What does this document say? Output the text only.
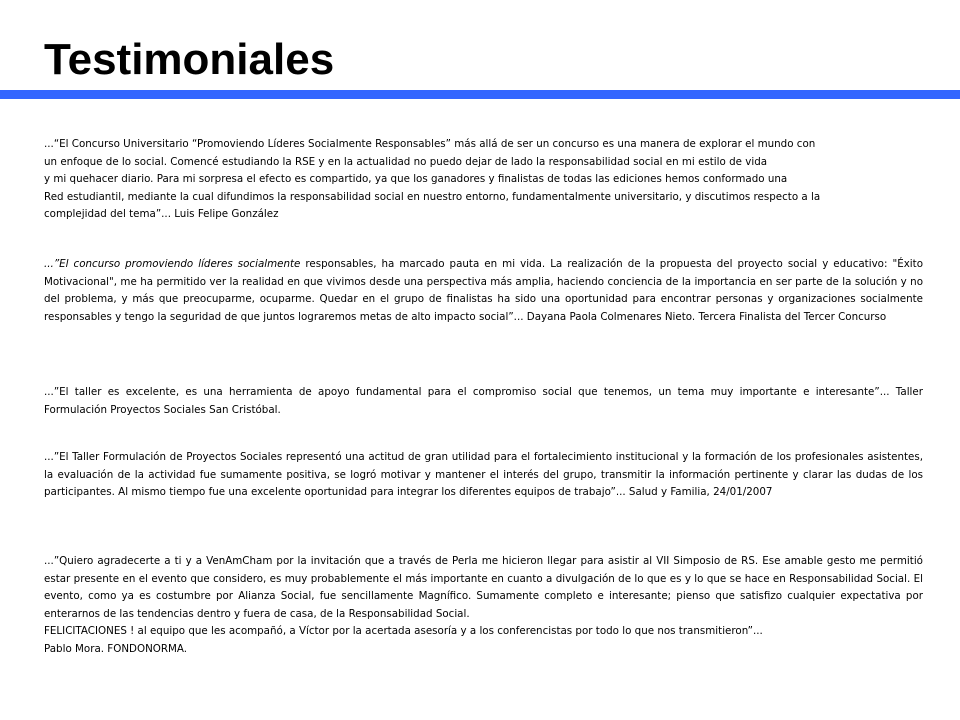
Testimoniales
...“El Concurso Universitario “Promoviendo Líderes Socialmente Responsables” más allá de ser un concurso es una manera de explorar el mundo con
un enfoque de lo social. Comencé estudiando la RSE y en la actualidad no puedo dejar de lado la responsabilidad social en mi estilo de vida
y mi quehacer diario. Para mi sorpresa el efecto es compartido, ya que los ganadores y finalistas de todas las ediciones hemos conformado una
Red estudiantil, mediante la cual difundimos la responsabilidad social en nuestro entorno, fundamentalmente universitario, y discutimos respecto a la
complejidad del tema”... Luis Felipe González

...”El concurso promoviendo líderes socialmente responsables, ha marcado pauta en mi vida. La realización de la propuesta del proyecto social y educativo: "Éxito Motivacional", me ha permitido ver la realidad en que vivimos desde una perspectiva más amplia, haciendo conciencia de la importancia en ser parte de la solución y no del problema, y más que preocuparme, ocuparme. Quedar en el grupo de finalistas ha sido una oportunidad para encontrar personas y organizaciones socialmente responsables y tengo la seguridad de que juntos lograremos metas de alto impacto social”... Dayana Paola Colmenares Nieto. Tercera Finalista del Tercer Concurso

...”El taller es excelente, es una herramienta de apoyo fundamental para el compromiso social que tenemos, un tema muy importante e interesante”... Taller Formulación Proyectos Sociales San Cristóbal.

...”El Taller Formulación de Proyectos Sociales representó una actitud de gran utilidad para el fortalecimiento institucional y la formación de los profesionales asistentes, la evaluación de la actividad fue sumamente positiva, se logró motivar y mantener el interés del grupo, transmitir la información pertinente y clarar las dudas de los participantes. Al mismo tiempo fue una excelente oportunidad para integrar los diferentes equipos de trabajo”... Salud y Familia, 24/01/2007

...”Quiero agradecerte a ti y a VenAmCham por la invitación que a través de Perla me hicieron llegar para asistir al VII Simposio de RS. Ese amable gesto me permitió estar presente en el evento que considero, es muy probablemente el más importante en cuanto a divulgación de lo que es y lo que se hace en Responsabilidad Social. El evento, como ya es costumbre por Alianza Social, fue sencillamente Magnífico. Sumamente completo e interesante; pienso que satisfizo cualquier expectativa por enterarnos de las tendencias dentro y fuera de casa, de la Responsabilidad Social.

FELICITACIONES ! al equipo que les acompañó, a Víctor por la acertada asesoría y a los conferencistas por todo lo que nos transmitieron”...
Pablo Mora. FONDONORMA.
